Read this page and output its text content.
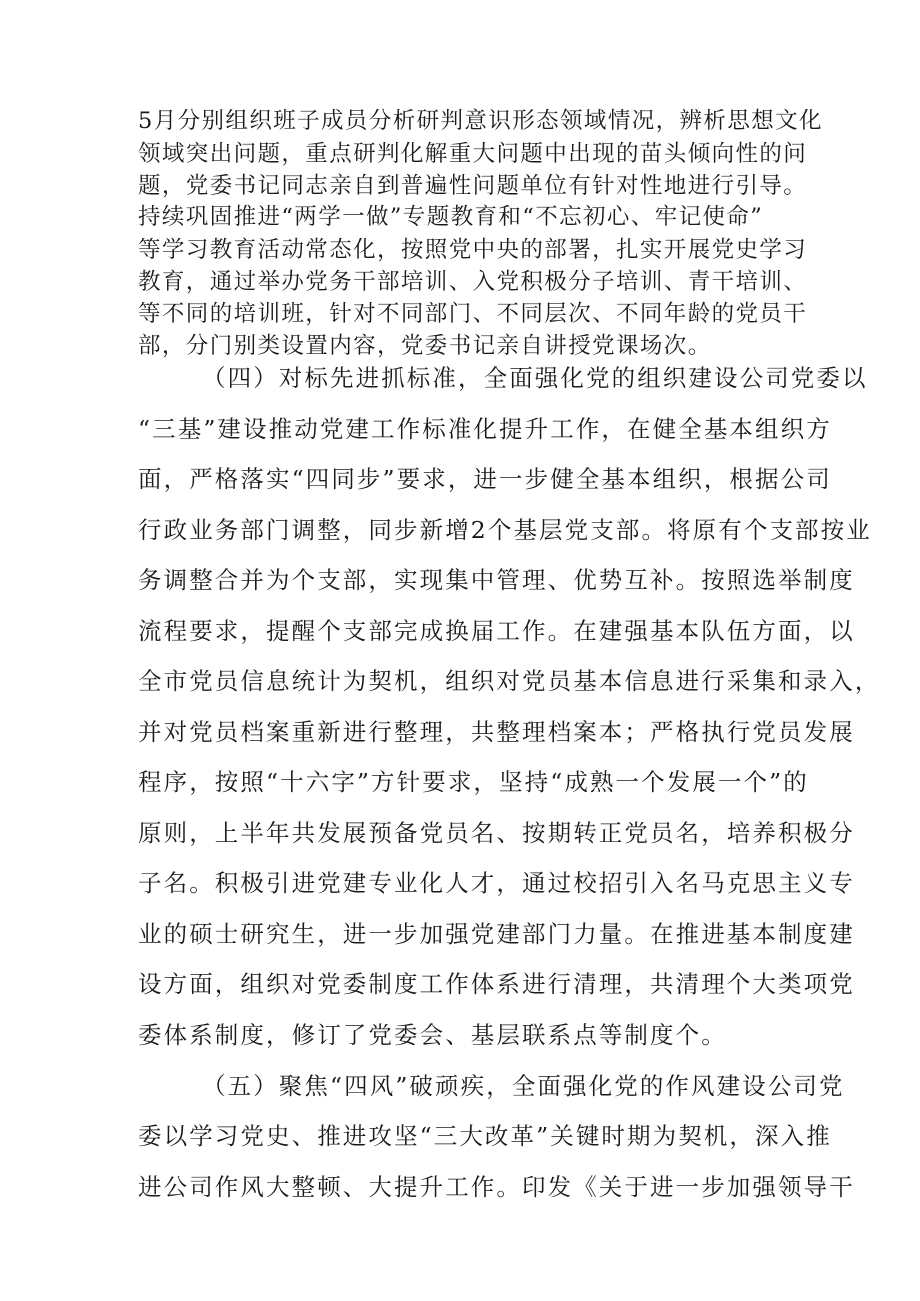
5月分别组织班子成员分析研判意识形态领域情况，辨析思想文化
领域突出问题，重点研判化解重大问题中出现的苗头倾向性的问
题，党委书记同志亲自到普遍性问题单位有针对性地进行引导。
持续巩固推进“两学一做”专题教育和“不忘初心、牢记使命”
等学习教育活动常态化，按照党中央的部署，扎实开展党史学习
教育，通过举办党务干部培训、入党积极分子培训、青干培训、
等不同的培训班，针对不同部门、不同层次、不同年龄的党员干
部，分门别类设置内容，党委书记亲自讲授党课场次。
（四）对标先进抓标准，全面强化党的组织建设公司党委以
“三基”建设推动党建工作标准化提升工作，在健全基本组织方
面，严格落实“四同步”要求，进一步健全基本组织，根据公司
行政业务部门调整，同步新增2个基层党支部。将原有个支部按业
务调整合并为个支部，实现集中管理、优势互补。按照选举制度
流程要求，提醒个支部完成换届工作。在建强基本队伍方面，以
全市党员信息统计为契机，组织对党员基本信息进行采集和录入，
并对党员档案重新进行整理，共整理档案本；严格执行党员发展
程序，按照“十六字”方针要求，坚持“成熟一个发展一个”的
原则，上半年共发展预备党员名、按期转正党员名，培养积极分
子名。积极引进党建专业化人才，通过校招引入名马克思主义专
业的硕士研究生，进一步加强党建部门力量。在推进基本制度建
设方面，组织对党委制度工作体系进行清理，共清理个大类项党
委体系制度，修订了党委会、基层联系点等制度个。
（五）聚焦“四风”破顽疾，全面强化党的作风建设公司党
委以学习党史、推进攻坚“三大改革”关键时期为契机，深入推
进公司作风大整顿、大提升工作。印发《关于进一步加强领导干
